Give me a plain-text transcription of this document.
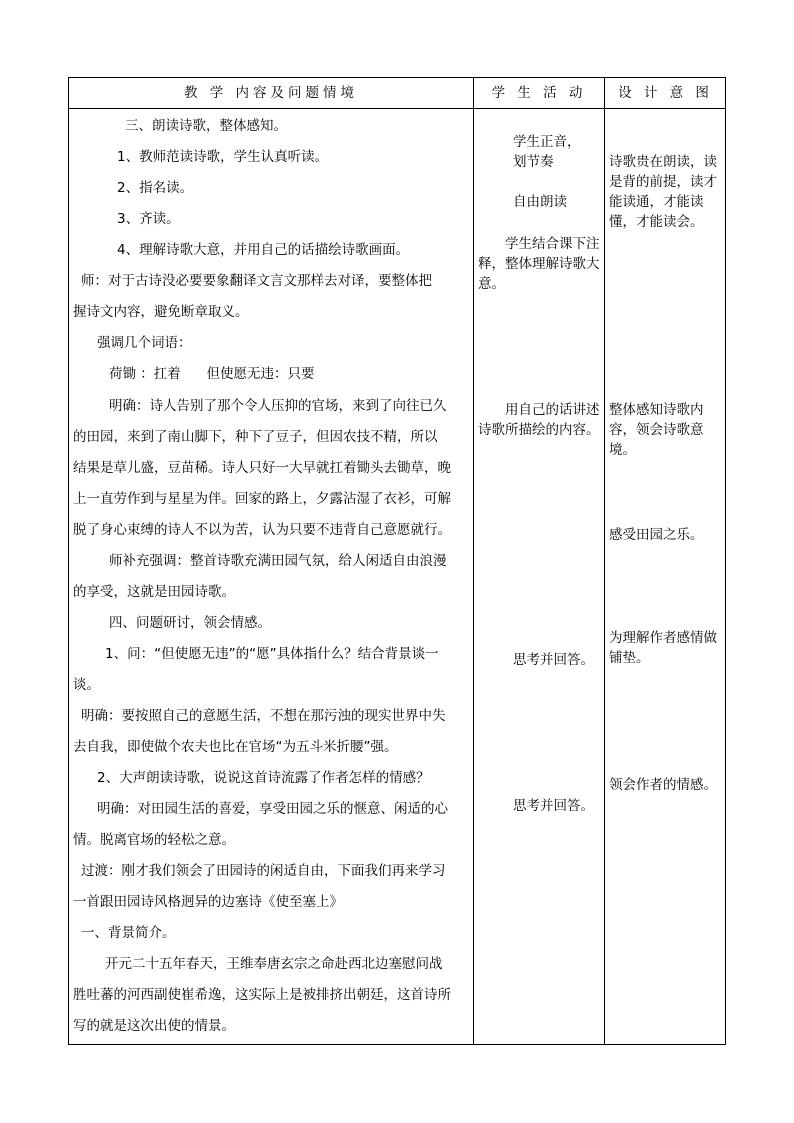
教 学 内容及问题情境	学 生 活 动	设 计 意 图
三、朗读诗歌，整体感知。
1、教师范读诗歌，学生认真听读。
2、指名读。
3、齐读。
4、理解诗歌大意，并用自己的话描绘诗歌画面。
师：对于古诗没必要要象翻译文言文那样去对译，要整体把
握诗文内容，避免断章取义。
强调几个词语：
荷锄 ：扛着      但使愿无违：只要
明确：诗人告别了那个令人压抑的官场，来到了向往已久
的田园，来到了南山脚下，种下了豆子，但因农技不精，所以
结果是草儿盛，豆苗稀。诗人只好一大早就扛着锄头去锄草，晚
上一直劳作到与星星为伴。回家的路上，夕露沾湿了衣衫，可解
脱了身心束缚的诗人不以为苦，认为只要不违背自己意愿就行。
师补充强调：整首诗歌充满田园气氛，给人闲适自由浪漫
的享受，这就是田园诗歌。
四、问题研讨，领会情感。
1、问：“但使愿无违”的“愿”具体指什么？结合背景谈一
谈。
明确：要按照自己的意愿生活，不想在那污浊的现实世界中失
去自我，即使做个农夫也比在官场“为五斗米折腰”强。
2、大声朗读诗歌，说说这首诗流露了作者怎样的情感？
明确：对田园生活的喜爱，享受田园之乐的惬意、闲适的心
情。脱离官场的轻松之意。
过渡：刚才我们领会了田园诗的闲适自由，下面我们再来学习
一首跟田园诗风格迥异的边塞诗《使至塞上》
一、背景简介。
开元二十五年春天，王维奉唐玄宗之命赴西北边塞慰问战
胜吐蕃的河西副使崔希逸，这实际上是被排挤出朝廷，这首诗所
写的就是这次出使的情景。
学生正音，
划节奏
自由朗读
学生结合课下注释，整体理解诗歌大意。
用自己的话讲述诗歌所描绘的内容。
思考并回答。
思考并回答。
诗歌贵在朗读，读是背的前提，读才能读通，才能读懂，才能读会。
整体感知诗歌内容，领会诗歌意境。
感受田园之乐。
为理解作者感情做铺垫。
领会作者的情感。
